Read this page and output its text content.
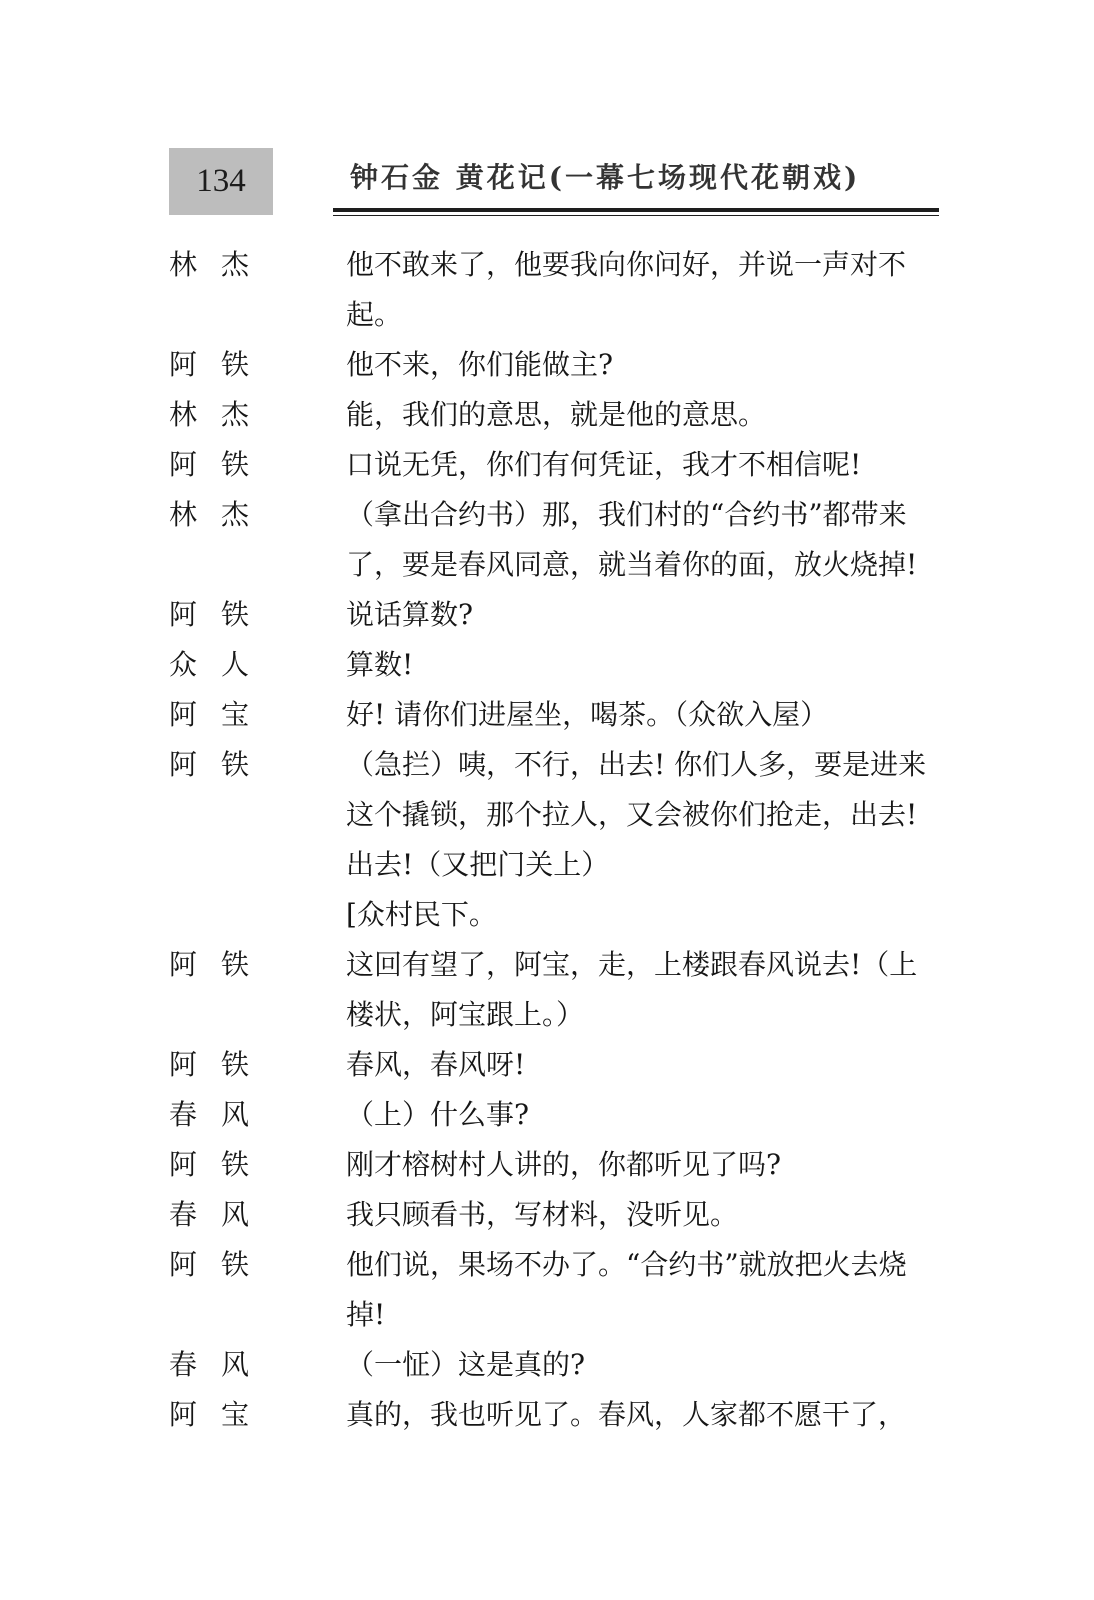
134	钟石金 黄花记(一幕七场现代花朝戏)
林杰	他不敢来了，他要我向你问好，并说一声对不起。
阿铁	他不来，你们能做主?
林杰	能，我们的意思，就是他的意思。
阿铁	口说无凭，你们有何凭证，我才不相信呢!
林杰	（拿出合约书）那，我们村的“合约书”都带来了，要是春风同意，就当着你的面，放火烧掉!
阿铁	说话算数?
众人	算数!
阿宝	好! 请你们进屋坐，喝茶。（众欲入屋）
阿铁	（急拦）咦，不行，出去! 你们人多，要是进来这个撬锁，那个拉人，又会被你们抢走，出去! 出去!（又把门关上）
[众村民下。
阿铁	这回有望了，阿宝，走，上楼跟春风说去!（上楼状，阿宝跟上。）
阿铁	春风，春风呀!
春风	（上）什么事?
阿铁	刚才榕树村人讲的，你都听见了吗?
春风	我只顾看书，写材料，没听见。
阿铁	他们说，果场不办了。“合约书”就放把火去烧掉!
春风	（一怔）这是真的?
阿宝	真的，我也听见了。春风，人家都不愿干了，
